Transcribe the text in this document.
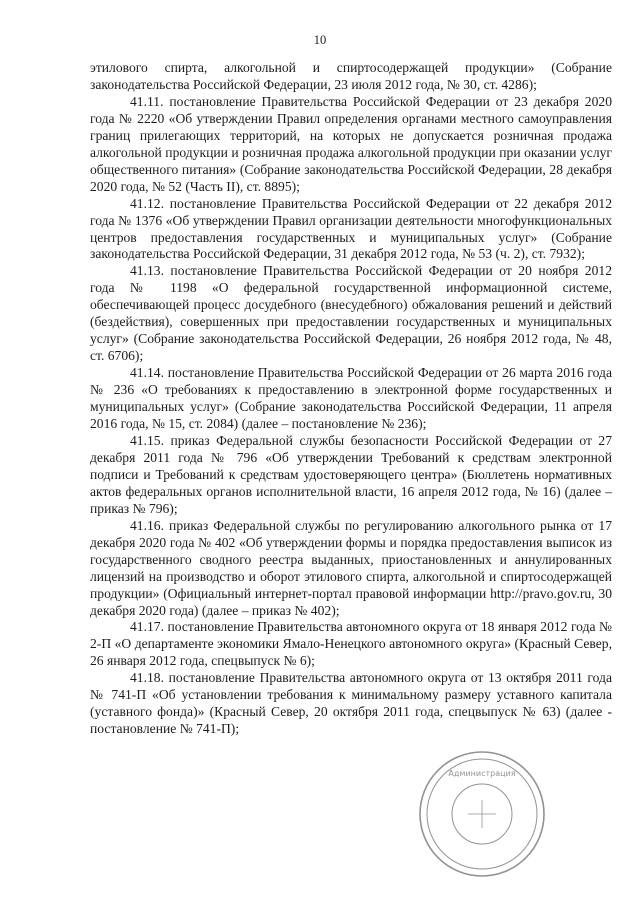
10

этилового спирта, алкогольной и спиртосодержащей продукции» (Собрание законодательства Российской Федерации, 23 июля 2012 года, № 30, ст. 4286);

41.11. постановление Правительства Российской Федерации от 23 декабря 2020 года № 2220 «Об утверждении Правил определения органами местного самоуправления границ прилегающих территорий, на которых не допускается розничная продажа алкогольной продукции и розничная продажа алкогольной продукции при оказании услуг общественного питания» (Собрание законодательства Российской Федерации, 28 декабря 2020 года, № 52 (Часть II), ст. 8895);

41.12. постановление Правительства Российской Федерации от 22 декабря 2012 года № 1376 «Об утверждении Правил организации деятельности многофункциональных центров предоставления государственных и муниципальных услуг» (Собрание законодательства Российской Федерации, 31 декабря 2012 года, № 53 (ч. 2), ст. 7932);

41.13. постановление Правительства Российской Федерации от 20 ноября 2012 года № 1198 «О федеральной государственной информационной системе, обеспечивающей процесс досудебного (внесудебного) обжалования решений и действий (бездействия), совершенных при предоставлении государственных и муниципальных услуг» (Собрание законодательства Российской Федерации, 26 ноября 2012 года, № 48, ст. 6706);

41.14. постановление Правительства Российской Федерации от 26 марта 2016 года № 236 «О требованиях к предоставлению в электронной форме государственных и муниципальных услуг» (Собрание законодательства Российской Федерации, 11 апреля 2016 года, № 15, ст. 2084) (далее – постановление № 236);

41.15. приказ Федеральной службы безопасности Российской Федерации от 27 декабря 2011 года № 796 «Об утверждении Требований к средствам электронной подписи и Требований к средствам удостоверяющего центра» (Бюллетень нормативных актов федеральных органов исполнительной власти, 16 апреля 2012 года, № 16) (далее – приказ № 796);

41.16. приказ Федеральной службы по регулированию алкогольного рынка от 17 декабря 2020 года № 402 «Об утверждении формы и порядка предоставления выписок из государственного сводного реестра выданных, приостановленных и аннулированных лицензий на производство и оборот этилового спирта, алкогольной и спиртосодержащей продукции» (Официальный интернет-портал правовой информации http://pravo.gov.ru, 30 декабря 2020 года) (далее – приказ № 402);

41.17. постановление Правительства автономного округа от 18 января 2012 года № 2-П «О департаменте экономики Ямало-Ненецкого автономного округа» (Красный Север, 26 января 2012 года, спецвыпуск № 6);

41.18. постановление Правительства автономного округа от 13 октября 2011 года № 741-П «Об установлении требования к минимальному размеру уставного капитала (уставного фонда)» (Красный Север, 20 октября 2011 года, спецвыпуск № 63) (далее - постановление № 741-П);

Администрация
